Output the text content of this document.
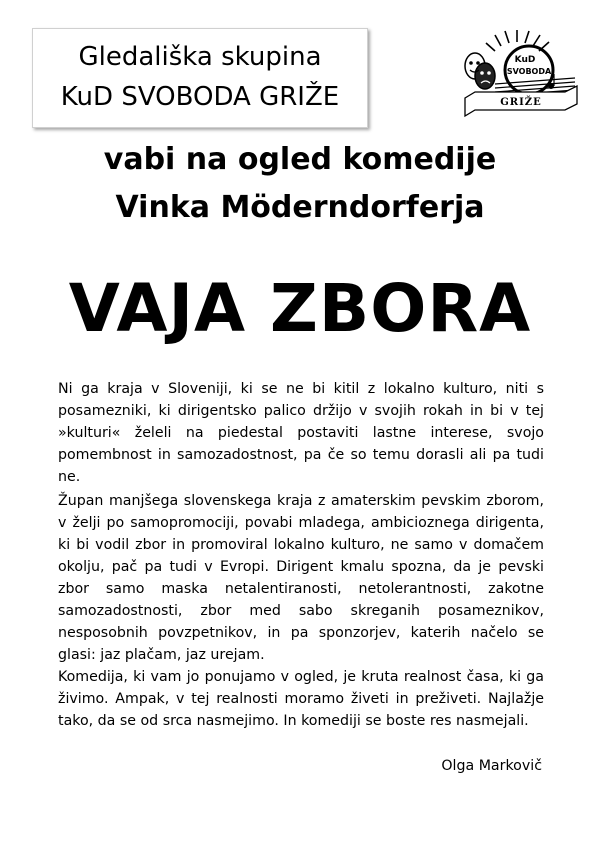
Gledališka skupina
KuD SVOBODA GRIŽE
KuD
SVOBODA
GRIŽE
vabi na ogled komedije
Vinka Möderndorferja
VAJA ZBORA

Ni ga kraja v Sloveniji, ki se ne bi kitil z lokalno kulturo, niti s posamezniki, ki dirigentsko palico držijo v svojih rokah in bi v tej »kulturi« želeli na piedestal postaviti lastne interese, svojo pomembnost in samozadostnost, pa če so temu dorasli ali pa tudi ne.

Župan manjšega slovenskega kraja z amaterskim pevskim zborom, v želji po samopromociji, povabi mladega, ambicioznega dirigenta, ki bi vodil zbor in promoviral lokalno kulturo, ne samo v domačem okolju, pač pa tudi v Evropi. Dirigent kmalu spozna, da je pevski zbor samo maska netalentiranosti, netolerantnosti, zakotne samozadostnosti, zbor med sabo skreganih posameznikov, nesposobnih povzpetnikov, in pa sponzorjev, katerih načelo se glasi: jaz plačam, jaz urejam.

Komedija, ki vam jo ponujamo v ogled, je kruta realnost časa, ki ga živimo. Ampak, v tej realnosti moramo živeti in preživeti. Najlažje tako, da se od srca nasmejimo. In komediji se boste res nasmejali.

Olga Markovič
